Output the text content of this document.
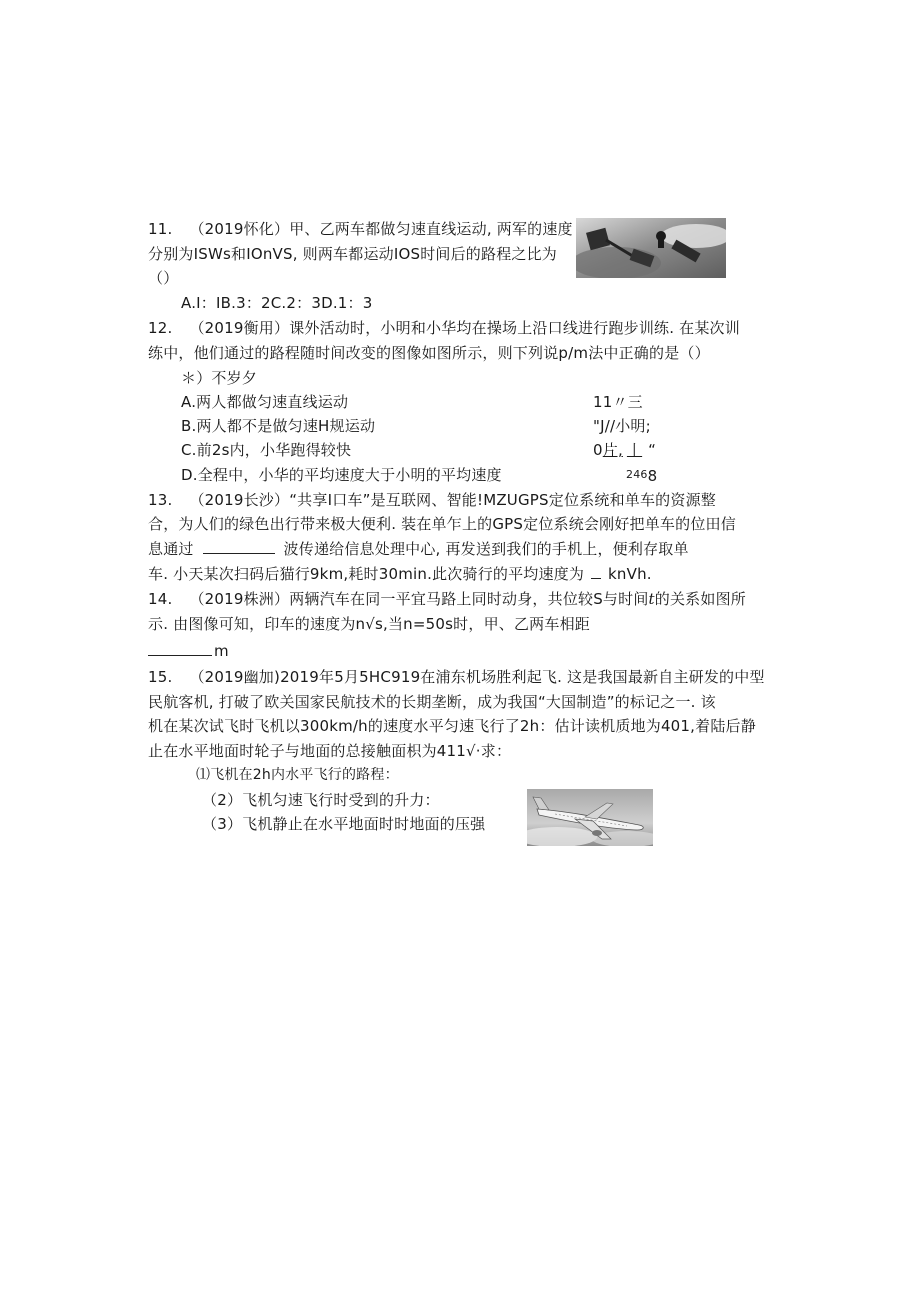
11. （2019怀化）甲、乙两车都做匀速直线运动, 两军的速度
分别为ISWs和IOnVS, 则两车都运动IOS时间后的路程之比为
（）
A.I：IB.3：2C.2：3D.1：3
12. （2019衡用）课外活动时，小明和小华均在操场上沿口线进行跑步训练. 在某次训
练中，他们通过的路程随时间改变的图像如图所示，则下列说p/m法中正确的是（）
＊）不岁夕
A.两人都做匀速直线运动
B.两人都不是做匀速H规运动
C.前2s内，小华跑得较快
D.全程中，小华的平均速度大于小明的平均速度
11〃三
"J//小明;
0片, 丨 “
$^{246}$8
13. （2019长沙）“共享Ⅰ口车”是互联网、智能!MZUGPS定位系统和单车的资源整
合，为人们的绿色出行带来极大便利. 装在单乍上的GPS定位系统会刚好把单车的位田信
息通过	波传递给信息处理中心, 再发送到我们的手机上，便利存取单
车. 小天某次扫码后猫行9km,耗时30min.此次骑行的平均速度为 knVh.
14. （2019株洲）两辆汽车在同一平宜马路上同时动身，共位较S与时间t的关系如图所
示. 由图像可知，印车的速度为n√s,当n=50s时，甲、乙两车相距
m
15. （2019幽加)2019年5月5HC919在浦东机场胜利起飞. 这是我国最新自主研发的中型
民航客机, 打破了欧关国家民航技术的长期垄断，成为我国“大国制造”的标记之一. 该
机在某次试飞时飞机以300km/h的速度水平匀速飞行了2h：估计读机质地为401,着陆后静
止在水平地面时轮子与地面的总接触面枳为411√·求：
⑴飞机在2h内水平飞行的路程：
（2）飞机匀速飞行时受到的升力：
（3）飞机静止在水平地面时时地面的压强
